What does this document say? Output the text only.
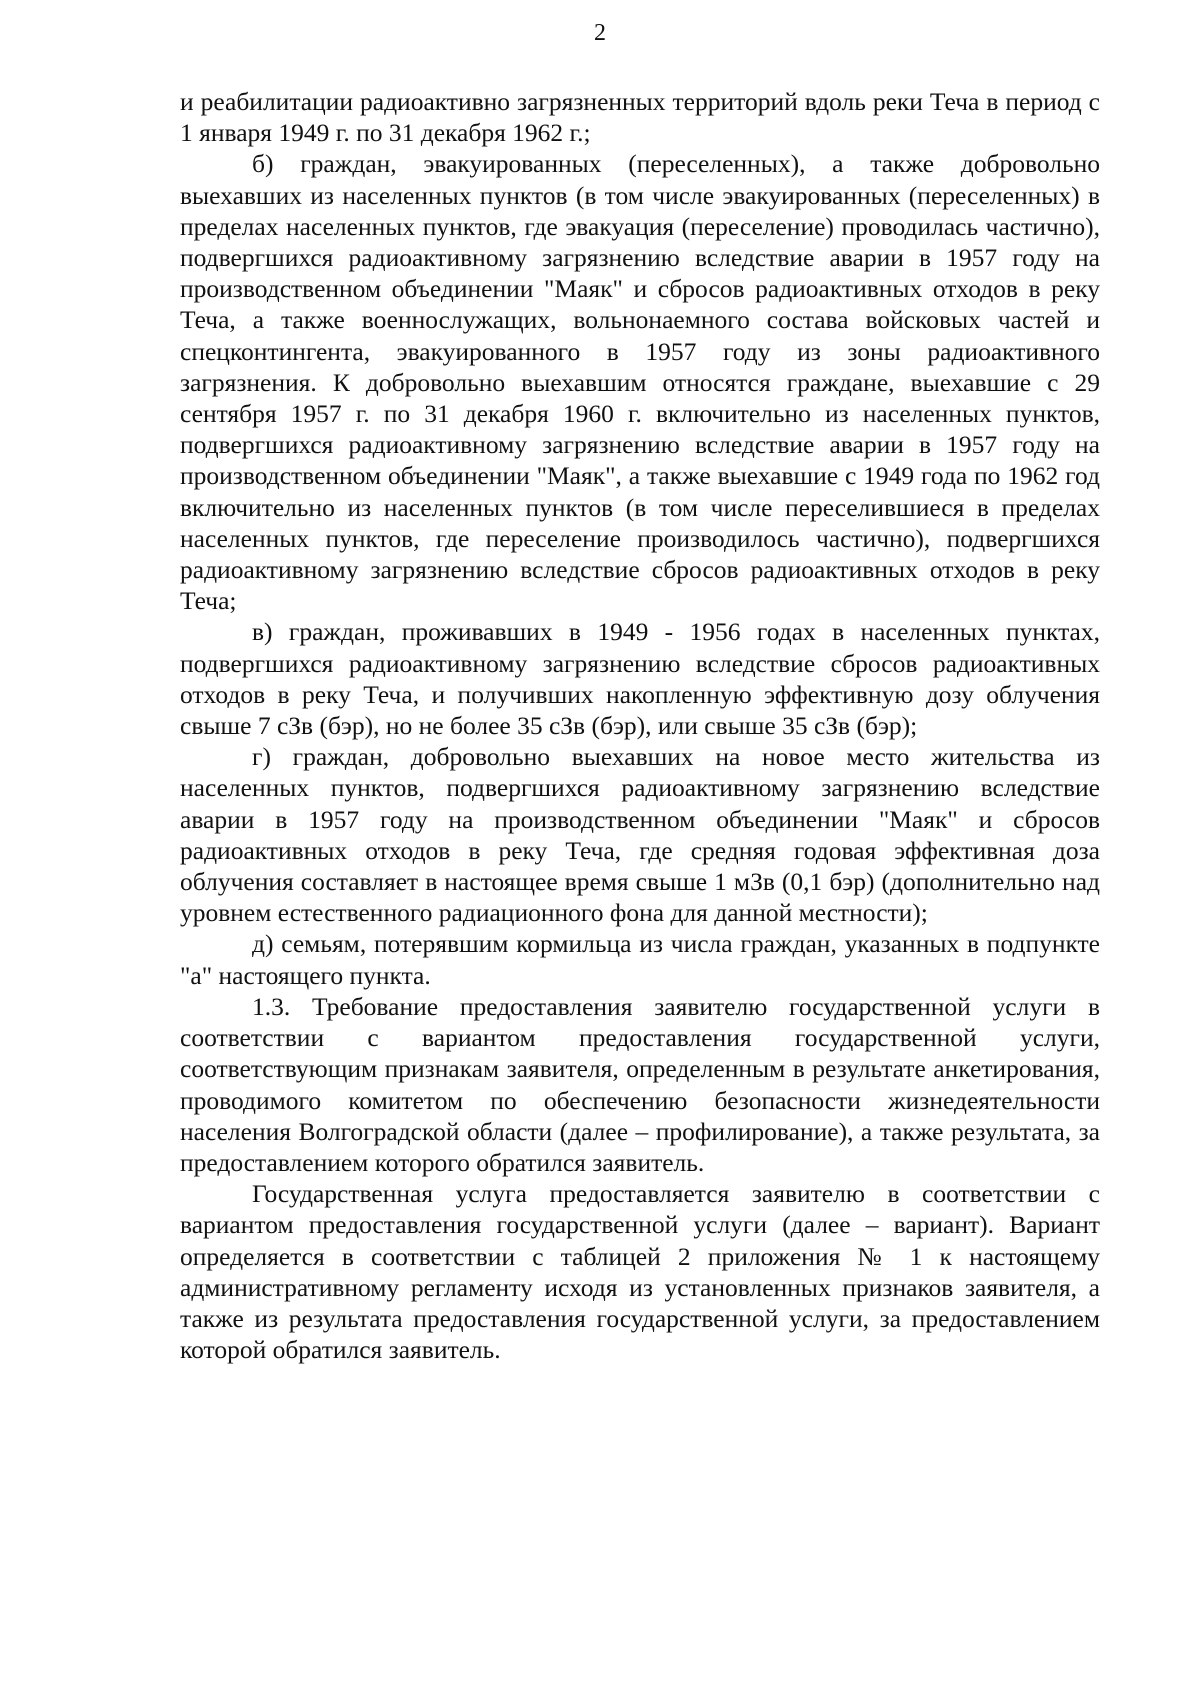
2

и реабилитации радиоактивно загрязненных территорий вдоль реки Теча в период с 1 января 1949 г. по 31 декабря 1962 г.;

б) граждан, эвакуированных (переселенных), а также добровольно выехавших из населенных пунктов (в том числе эвакуированных (переселенных) в пределах населенных пунктов, где эвакуация (переселение) проводилась частично), подвергшихся радиоактивному загрязнению вследствие аварии в 1957 году на производственном объединении "Маяк" и сбросов радиоактивных отходов в реку Теча, а также военнослужащих, вольнонаемного состава войсковых частей и спецконтингента, эвакуированного в 1957 году из зоны радиоактивного загрязнения. К добровольно выехавшим относятся граждане, выехавшие с 29 сентября 1957 г. по 31 декабря 1960 г. включительно из населенных пунктов, подвергшихся радиоактивному загрязнению вследствие аварии в 1957 году на производственном объединении "Маяк", а также выехавшие с 1949 года по 1962 год включительно из населенных пунктов (в том числе переселившиеся в пределах населенных пунктов, где переселение производилось частично), подвергшихся радиоактивному загрязнению вследствие сбросов радиоактивных отходов в реку Теча;

в) граждан, проживавших в 1949 - 1956 годах в населенных пунктах, подвергшихся радиоактивному загрязнению вследствие сбросов радиоактивных отходов в реку Теча, и получивших накопленную эффективную дозу облучения свыше 7 сЗв (бэр), но не более 35 сЗв (бэр), или свыше 35 сЗв (бэр);

г) граждан, добровольно выехавших на новое место жительства из населенных пунктов, подвергшихся радиоактивному загрязнению вследствие аварии в 1957 году на производственном объединении "Маяк" и сбросов радиоактивных отходов в реку Теча, где средняя годовая эффективная доза облучения составляет в настоящее время свыше 1 мЗв (0,1 бэр) (дополнительно над уровнем естественного радиационного фона для данной местности);

д) семьям, потерявшим кормильца из числа граждан, указанных в подпункте "а" настоящего пункта.

1.3. Требование предоставления заявителю государственной услуги в соответствии с вариантом предоставления государственной услуги, соответствующим признакам заявителя, определенным в результате анкетирования, проводимого комитетом по обеспечению безопасности жизнедеятельности населения Волгоградской области (далее – профилирование), а также результата, за предоставлением которого обратился заявитель.

Государственная услуга предоставляется заявителю в соответствии с вариантом предоставления государственной услуги (далее – вариант). Вариант определяется в соответствии с таблицей 2 приложения № 1 к настоящему административному регламенту исходя из установленных признаков заявителя, а также из результата предоставления государственной услуги, за предоставлением которой обратился заявитель.
